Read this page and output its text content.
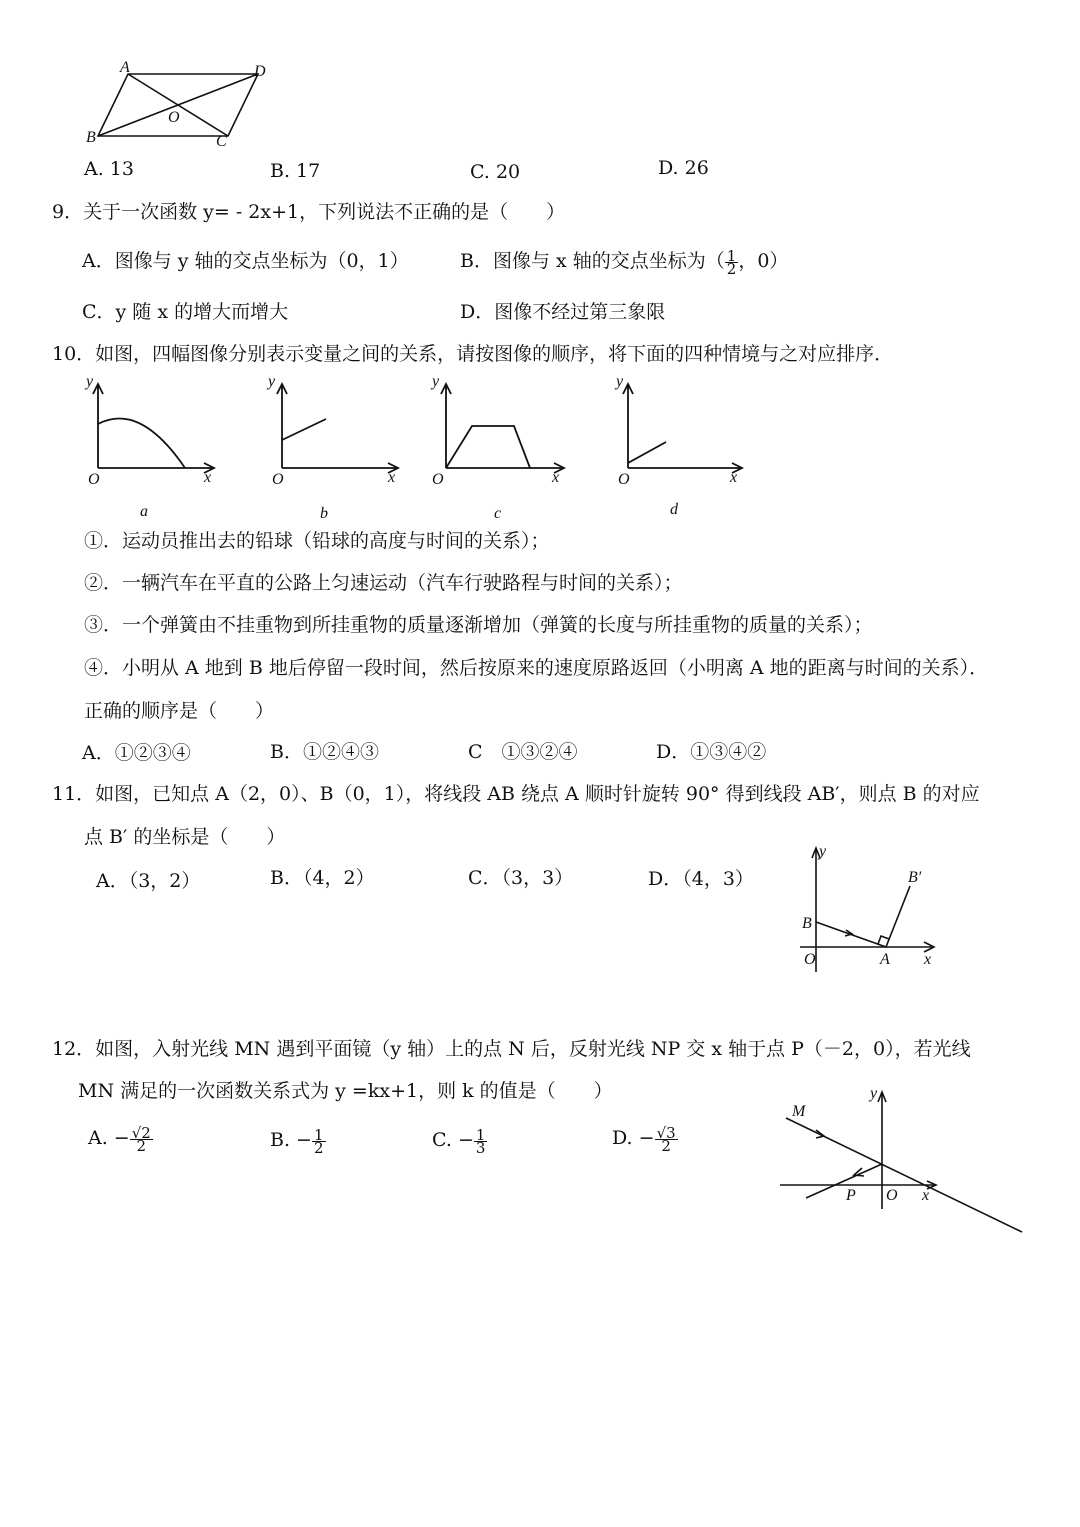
A	D
O
B	C
A. 13	B. 17	C. 20	D. 26
9．关于一次函数 y= - 2x+1，下列说法不正确的是（　　）
A．图像与 y 轴的交点坐标为（0，1）	B．图像与 x 轴的交点坐标为（ $\frac{1}{2}$ ，0）
C．y 随 x 的增大而增大	D．图像不经过第三象限
10．如图，四幅图像分别表示变量之间的关系，请按图像的顺序，将下面的四种情境与之对应排序．
y
O	x
a
y
O	x
b
y
O	x
c
y
O	x
d
①．运动员推出去的铅球（铅球的高度与时间的关系）；
②．一辆汽车在平直的公路上匀速运动（汽车行驶路程与时间的关系）；
③．一个弹簧由不挂重物到所挂重物的质量逐渐增加（弹簧的长度与所挂重物的质量的关系）；
④．小明从 A 地到 B 地后停留一段时间，然后按原来的速度原路返回（小明离 A 地的距离与时间的关系）．
正确的顺序是（　　）
A．①②③④	B．①②④③	C　①③②④	D．①③④②
11．如图，已知点 A（2，0）、B（0，1），将线段 AB 绕点 A 顺时针旋转 90° 得到线段 AB′，则点 B 的对应
点 B′ 的坐标是（　　）
A．（3，2）	B．（4，2）	C．（3，3）	D．（4，3）
y
B′
B
O	A x
12．如图，入射光线 MN 遇到平面镜（y 轴）上的点 N 后，反射光线 NP 交 x 轴于点 P（－2，0），若光线
MN 满足的一次函数关系式为 y =kx+1，则 k 的值是（　　）
A. − $\frac{√2}{2}$	B. − $\frac{1}{2}$	C. − $\frac{1}{3}$	D. − $\frac{√3}{2}$
y
M
P O x
